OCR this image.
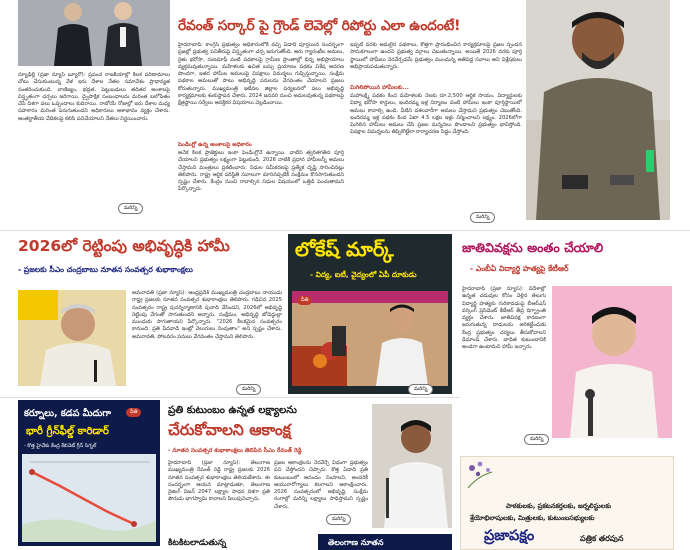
న్యూఢిల్లీ (ప్రజా న్యూస్ బ్యూరో): ప్రపంచ రాజకీయాల్లో కీలక పరిణామాలు చోటు చేసుకుంటున్న వేళ ఇరు దేశాల నేతల సమావేశం ప్రాధాన్యత సంతరించుకుంది. వాణిజ్యం, భద్రత, పెట్టుబడులు తదితర అంశాలపై విస్తృతంగా చర్చలు జరిగాయి. ద్వైపాక్షిక సంబంధాలను మరింత బలోపేతం చేసే దిశగా పలు ఒప్పందాలు కుదిరాయి. రాబోయే రోజుల్లో ఇరు దేశాల మధ్య సహకారం మరింత పెరుగుతుందని అధికారులు ఆశాభావం వ్యక్తం చేశారు. అంతర్జాతీయ వేదికలపై కలిసి పనిచేయాలని నేతలు నిర్ణయించారు.
మరిన్ని
రేవంత్ సర్కార్ పై గ్రౌండ్ లెవెల్లో రిపోర్టు ఎలా ఉందంటే!
హైదరాబాద్: కాంగ్రెస్ ప్రభుత్వం అధికారంలోకి వచ్చి ఏడాది పూర్తయిన సందర్భంగా ప్రజల్లో ప్రభుత్వ పనితీరుపై విస్తృతంగా చర్చ జరుగుతోంది. ఆరు గ్యారంటీల అమలు, రైతు భరోసా, రుణమాఫీ వంటి పథకాలపై గ్రామీణ ప్రాంతాల్లో భిన్న అభిప్రాయాలు వ్యక్తమవుతున్నాయి. మహిళలకు ఉచిత బస్సు ప్రయాణం పథకం విశేష ఆదరణ పొందగా, ఇతర హామీల అమలుపై విపక్షాలు విమర్శలు గుప్పిస్తున్నాయి. సంక్షేమ పథకాల అమలుతో పాటు అభివృద్ధి పనులను వేగవంతం చేయాలని ప్రజలు కోరుతున్నారు. ముఖ్యమంత్రి ఇటీవల జిల్లాల పర్యటనలో పలు అభివృద్ధి కార్యక్రమాలకు శంకుస్థాపన చేశారు. 2024 జనవరి నుంచి అమలవుతున్న పథకాలపై క్షేత్రస్థాయి సర్వేలు ఆసక్తికర విషయాలు వెల్లడించాయి.
పెండింగ్లో ఉన్న అంశాలపై అధికారం
అనేక కీలక ప్రాజెక్టులు ఇంకా పెండింగ్లోనే ఉన్నాయి. వాటిని త్వరితగతిన పూర్తి చేయాలని ప్రభుత్వం లక్ష్యంగా పెట్టుకుంది. 2026 నాటికి ప్రధాన హామీలన్నీ అమలు చేస్తామని మంత్రులు ప్రకటించారు. నిధుల సమీకరణపై ప్రత్యేక దృష్టి సారించినట్లు తెలిపారు. రాష్ట్ర ఆర్థిక పరిస్థితి సవాలుగా మారినప్పటికీ సంక్షేమం కొనసాగుతుందని స్పష్టం చేశారు. కేంద్రం నుంచి రావాల్సిన నిధుల విషయంలో ఒత్తిడి పెంచుతామని పేర్కొన్నారు.
ఇప్పటి వరకు అమలైన పథకాలు, కొత్తగా ప్రారంభించిన కార్యక్రమాలపై ప్రజల స్పందన సానుకూలంగా ఉందని ప్రభుత్వ వర్గాలు చెబుతున్నాయి. అయితే 2026 వరకు పూర్తి స్థాయిలో హామీలు నెరవేర్చడమే ప్రభుత్వం ముందున్న అతిపెద్ద సవాలు అని విశ్లేషకులు అభిప్రాయపడుతున్నారు.
మిగిలిపోయిన హామీలకు...
మహాలక్ష్మి పథకం కింద మహిళలకు నెలకు రూ.2,500 ఆర్థిక సాయం, విద్యార్థులకు విద్యా భరోసా కార్డులు, ఇందిరమ్మ ఇళ్ల నిర్మాణం వంటి హామీలు ఇంకా పూర్తిస్థాయిలో అమలు కావాల్సి ఉంది. వీటిని దశలవారీగా అమలు చేస్తామని ప్రభుత్వం చెబుతోంది. ఇందిరమ్మ ఇళ్ల పథకం కింద ఏటా 4.5 లక్షల ఇళ్లు నిర్మించాలని లక్ష్యం. 2026లోగా మిగిలిన హామీలు అమలు చేసి ప్రజల మన్ననలు పొందాలని ప్రభుత్వం భావిస్తోంది. విపక్షాల విమర్శలను తిప్పికొట్టేలా కార్యాచరణ సిద్ధం చేస్తోంది.
మరిన్ని
2026లో రెట్టింపు అభివృద్ధికి హామీ
- ప్రజలకు సీఎం చంద్రబాబు నూతన సంవత్సర శుభాకాంక్షలు
అమరావతి (ప్రజా న్యూస్): ఆంధ్రప్రదేశ్ ముఖ్యమంత్రి చంద్రబాబు నాయుడు రాష్ట్ర ప్రజలకు నూతన సంవత్సర శుభాకాంక్షలు తెలిపారు. గడిచిన 2025 సంవత్సరం రాష్ట్ర పునర్నిర్మాణానికి పునాది వేసిందని, 2026లో అభివృద్ధి రెట్టింపు వేగంతో సాగుతుందని అన్నారు. సంక్షేమం, అభివృద్ధి జోడెద్దుల్లా ముందుకు సాగుతాయని పేర్కొన్నారు. "2026 కీలకమైన సంవత్సరం కానుంది. ప్రతి పేదవాడి ఇంట్లో వెలుగులు నింపుతాం" అని స్పష్టం చేశారు. అమరావతి, పోలవరం పనులు వేగవంతం చేస్తామని తెలిపారు.
మరిన్ని
లోకేష్ మార్క్
- విద్య, ఐటీ, వైద్యంలో ఏపీ దూకుడు
నీతి
మరిన్ని
జాతివివక్షను అంతం చేయాలి
- ఎంబీఏ విద్యార్థి హత్యపై కేటీఆర్
హైదరాబాద్ (ప్రజా న్యూస్): విదేశాల్లో ఉన్నత చదువుల కోసం వెళ్లిన తెలుగు విద్యార్థి హత్యకు గురికావడంపై బీఆర్ఎస్ వర్కింగ్ ప్రెసిడెంట్ కేటీఆర్ తీవ్ర దిగ్భ్రాంతి వ్యక్తం చేశారు. జాతివివక్ష కారణంగా జరుగుతున్న దాడులను అరికట్టేందుకు కేంద్ర ప్రభుత్వం చర్యలు తీసుకోవాలని డిమాండ్ చేశారు. బాధిత కుటుంబానికి అండగా ఉంటామని హామీ ఇచ్చారు.
మరిన్ని
కర్నూలు, కడప మీదుగా	నీతి
భారీ గ్రీన్‌ఫీల్డ్ కారిడార్
- కొత్త హైవేకు కేంద్ర కేబినెట్ గ్రీన్ సిగ్నల్
ప్రతి కుటుంబం ఉన్నత లక్ష్యాలను
చేరుకోవాలని ఆకాంక్ష
- నూతన సంవత్సర శుభాకాంక్షలు తెలిపిన సీఎం రేవంత్ రెడ్డి
హైదరాబాద్ (ప్రజా న్యూస్): తెలంగాణ ముఖ్యమంత్రి రేవంత్ రెడ్డి రాష్ట్ర ప్రజలకు 2026 నూతన సంవత్సర శుభాకాంక్షలు తెలియజేశారు. ఈ సందర్భంగా ఆయన మాట్లాడుతూ, తెలంగాణ రైజింగ్ విజన్ 2047 లక్ష్యాల సాధన దిశగా ప్రతి పౌరుడు భాగస్వామి కావాలని పిలుపునిచ్చారు.
ప్రజల ఆకాంక్షలను నెరవేర్చే విధంగా ప్రభుత్వం పని చేస్తోందని చెప్పారు. కొత్త ఏడాది ప్రతి కుటుంబంలో ఆనందం నింపాలని, అందరికీ ఆయురారోగ్యాలు కలగాలని ఆకాంక్షించారు. 2026 సంవత్సరంలో అభివృద్ధి, సంక్షేమ రంగాల్లో మరిన్ని లక్ష్యాలు సాధిస్తామని స్పష్టం చేశారు.
మరిన్ని
కిటకిటలాడుతున్న	తెలంగాణ నూతన
పాఠకులకు, ప్రకటనకర్తలకు, జర్నలిస్టులకు
శ్రేయోభిలాషులకు, మిత్రులకు, కుటుంబసభ్యులకు
ప్రజాపక్షం	పత్రిక తరపున
